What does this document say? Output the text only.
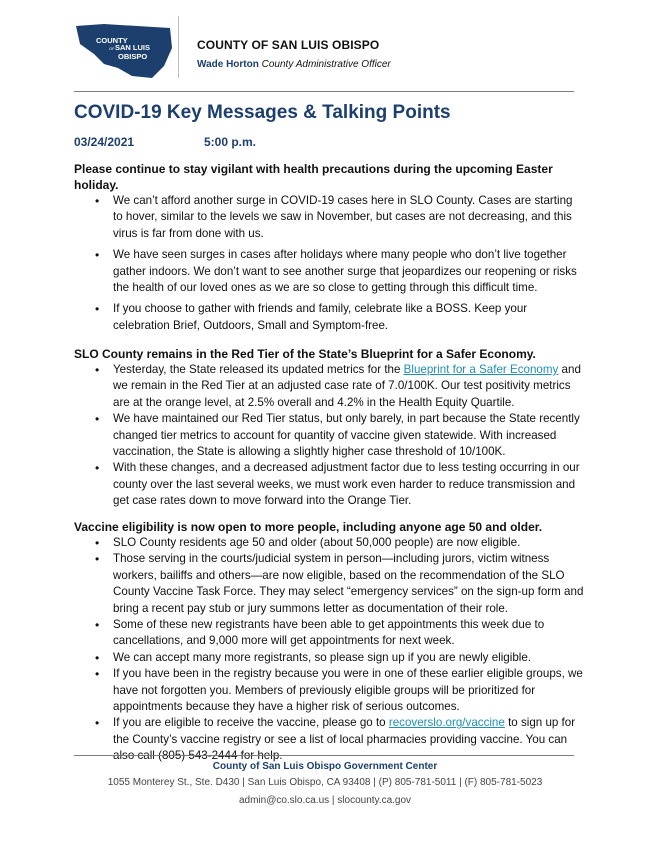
COUNTY
OF SAN LUIS
OBISPO
COUNTY OF SAN LUIS OBISPO
Wade Horton County Administrative Officer
COVID-19 Key Messages & Talking Points
03/24/2021	5:00 p.m.
Please continue to stay vigilant with health precautions during the upcoming Easter holiday.
• We can’t afford another surge in COVID-19 cases here in SLO County. Cases are starting to hover, similar to the levels we saw in November, but cases are not decreasing, and this virus is far from done with us.
• We have seen surges in cases after holidays where many people who don’t live together gather indoors. We don’t want to see another surge that jeopardizes our reopening or risks the health of our loved ones as we are so close to getting through this difficult time.
• If you choose to gather with friends and family, celebrate like a BOSS. Keep your celebration Brief, Outdoors, Small and Symptom-free.
SLO County remains in the Red Tier of the State’s Blueprint for a Safer Economy.
• Yesterday, the State released its updated metrics for the Blueprint for a Safer Economy and we remain in the Red Tier at an adjusted case rate of 7.0/100K. Our test positivity metrics are at the orange level, at 2.5% overall and 4.2% in the Health Equity Quartile.
• We have maintained our Red Tier status, but only barely, in part because the State recently changed tier metrics to account for quantity of vaccine given statewide. With increased vaccination, the State is allowing a slightly higher case threshold of 10/100K.
• With these changes, and a decreased adjustment factor due to less testing occurring in our county over the last several weeks, we must work even harder to reduce transmission and get case rates down to move forward into the Orange Tier.
Vaccine eligibility is now open to more people, including anyone age 50 and older.
• SLO County residents age 50 and older (about 50,000 people) are now eligible.
• Those serving in the courts/judicial system in person—including jurors, victim witness workers, bailiffs and others—are now eligible, based on the recommendation of the SLO County Vaccine Task Force. They may select “emergency services” on the sign-up form and bring a recent pay stub or jury summons letter as documentation of their role.
• Some of these new registrants have been able to get appointments this week due to cancellations, and 9,000 more will get appointments for next week.
• We can accept many more registrants, so please sign up if you are newly eligible.
• If you have been in the registry because you were in one of these earlier eligible groups, we have not forgotten you. Members of previously eligible groups will be prioritized for appointments because they have a higher risk of serious outcomes.
• If you are eligible to receive the vaccine, please go to recoverslo.org/vaccine to sign up for the County’s vaccine registry or see a list of local pharmacies providing vaccine. You can
County of San Luis Obispo Government Center
1055 Monterey St., Ste. D430 | San Luis Obispo, CA 93408 | (P) 805-781-5011 | (F) 805-781-5023
admin@co.slo.ca.us | slocounty.ca.gov
